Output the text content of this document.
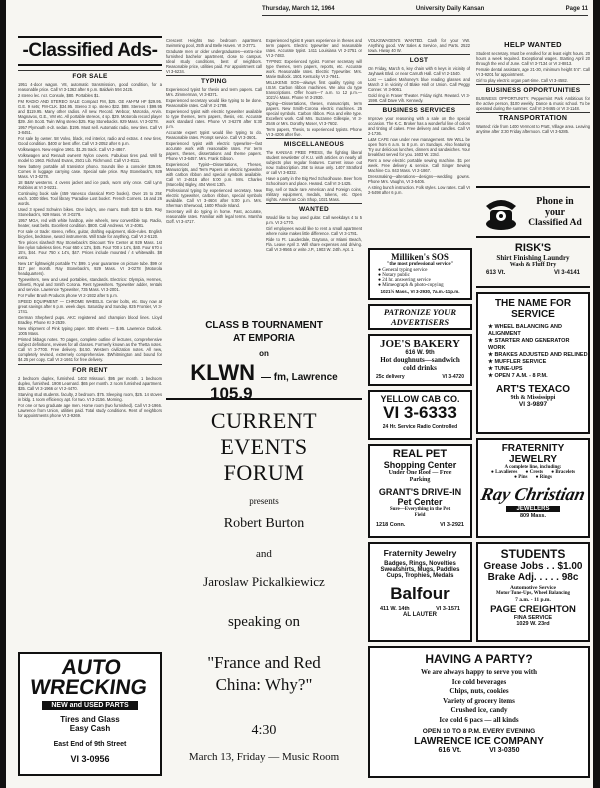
Thursday, March 12, 1964	University Daily Kansan	Page 11
-Classified Ads-
FOR SALE

1951 4-door wagon. V8, automatic transmission, good condition, for a reasonable price. Call VI 3-1362 after 6 p.m. Baldwin 594 2425.

2 stereo lec. ncr. Console, $80. Portables $1.

FM RADIO AND STEREO SALE Compact FM, $25. GE AM-FM HF $29.95. G.E. 9 sets; FM-CLK. $34.95. Stereo 3 sp. stereo $32. $88. Stereos I $99.95 and $119.95. Many other radios. All new. Record. Webcor, Motorola, Arvin. Magnavox, G.E., VM etc. All portable stereos, 4 sp. $29. Motorola record player $39. Jim Scott. Twin Wing stereo $25. Ray Stonebacks. 929 Mass. VI 3-0278.

1957 Plymouth 4-dr. sedan. $195. Must sell. Automatic radio, new tires. Call VI 3-8451.

For sale by owner. 58 Volvo, black, red interior, radio and extras. 4 new tires. Good condition. $400 or best offer. Call VI 3-2052 after 6 p.m.

Volkswagen. New engine 1961. $1.25 track. Call VI 2-4867.

Volkswagen and Renault owners! Nylon covers. Fabulous tires pad. Will fit model to 1963. Richard Evans, 2501 Lib. Richmond. Call VI 2-8111.

New battery portable all transistor phono. Sounds like a console! $39.95. Comes in luggage carrying case. Special sale price. Ray Stoneback's, 929 Mass. VI 3-0278.

18 B&W westerns. 4 ovens jacket and ice pack, worn only once. Call Lynn Robbins at VI 3-9231.

Continuing book sale (459 Vanesco classical RVO books). Over 15 to 25¢ each. 1000 titles. Tool library 'Paradise Lost books'. French Corners. 16 and 26 words.

Used 3 speed Schwinn bikes. One lady's, one man's. Both $20 to $25. Ray Stoneback's, 929 Mass. VI 3-0278.

1957 MGA, red with white hardtop, wire wheels, new convertible top. Radio, heater, seat belts. Excellent condition. $800. Call Andrews. VI 2-4081.

For sale or trade: stereo, reflex, guitar, drafting equipment, slide-rules. English bicycles, bedstove, sword instruments. Will trade for anything. Call VI 2-5120.

Tire prices slashed! Ray Stoneback's Discount Tire Center at 929 Mass. 1st line nylon tubeless tires. Four 650 x 13's, $45. Four 700 x 14's, $40. Four 670 x 15's, $44. Four 750 x 14's, $47. Prices include mounted / 4 whitewalls. $8 extra.

New 16" lightweight portable TV. $99. 1 year guarantee on picture tube. $99 or $17 per month. Ray Stoneback's, 929 Mass. VI 3-0278 (Motorola headquarters).

Typewriters, new and used portables, standards. Electrics: Olympia, Hermes, Olivetti, Royal and Smith Corona. Rent typewriters. Typewriter adder, rentals and service. Lawrence Typewriter, 735 Mass. VI 3-2001.

For Fuller Brush Products phone VI 2-1932 after 5 p.m.

SPEED EQUIPMENT — CHROME WHEELS. Center bolts, etc. Buy now at great savings after 6 p.m. week days. Saturday and Sunday. 825 Frontier, VI 3-1741.

German Shepherd pups. AKC registered and champion blood lines. Lloyd Bradley. Phone KI 3-2539.

New shipment of Pink typing paper. 500 sheets — $.95. Lawrence Outlook. 1005 Mass.

Printed bkbags notes. 70 pages, complete outline of lectures, comprehensive subject definitions, reviews for all classes. Formerly known as the Thetta notes. Call VI 3-7700. Free delivery. $4.50. Western civilization notes. All new, completely revised, extremely comprehensive. $Whitmington and bound for $4.25 per copy. Call VI 2-1661 for free delivery.

FOR RENT

2 bedroom duplex, furnished. 1402 Missouri. $95 per month. 1 bedroom duplex, furnished. 1908 Learnard. $65 per month. 2 room furnished apartment. $35. Call VI 3-1966 or VI 2-4470.

Starving stud students. faculty, 2 bedroom. $75. Sleeping room, $25. 14 stoves in bldg. 1 room efficiency apt. for two. VI 3-2156. Morning.

For one or two graduate age men. Home room (two furnished). Call VI 3-1966. Lawrence from Union, utilities paid. Total study conditions. Rent of neighbors for appointments phone VI 3-9269.

AUTO WRECKING
NEW and USED PARTS
Tires and Glass
Easy Cash
East End of 9th Street
VI 3-0956

Crescent Heights two bedroom apartment. Swimming pool, 25th and Belle Haven. VI 3-3771.

Graduate men or older undergraduates—extra-nice furnished bachelor apartment, close to campus. Ideal study conditions, best of neighbors. Reasonable price, utilities paid. For appointment call VI 3-6234.

TYPING

Experienced typist for thesis and term papers. Call Mrs. Zimmerman, VI 3-8371.

Experienced secretary would like typing to be done. Reasonable rates. Call VI 2-1788.

Experienced typist with electric typewriter available to type themes, term papers, thesis, etc. Accurate work standard rates. Phone VI 3-6278 after 5:30 p.m.

Accurate expert typist would like typing to do. Reasonable rates. Prompt service. Call VI 3-3601.

Experienced typist with electric typewriter—fast accurate work with reasonable rates. For term papers, theses, dissertations and theme papers. Phone VI 3-6457. Mrs. Frank Gibson.

Experienced Typist—Dissertations, Theses, Manuscripts, and Term Papers on electric typewriter with carbon ribbon and special symbols available. Call VI 2-4616 after 5:00 p.m. Mrs. Charles (Marcella) Bigley, 404 West 13th.

Professional typing by experienced secretary. New electric typewriter, carbon ribbon, special symbols available. Call VI 3-4604 after 5:00 p.m. Mrs. Sherman Sherwood, 1600 Rhode Island.

Secretary will do typing in home. Fast, accurate, reasonable rates. Familiar with legal terms. Marsha Goff. VI 3-4717.

Experienced typist 8 years experience in theses and term papers. Electric typewriter and reasonable rates. Accurate typist. 1411 Louisiana VI 2-2751 or VI 2-7483.

TYPING: Experienced typist. Former secretary will type themes, term papers, reports, etc. Accurate work. Reasonable rates. Electric Typewriter. Mrs. Marie Bullock. 1501 Kentucky VI 2-7941.

MILLIKENS SOS—always first quality typing on I.B.M. Carbon ribbon machines. We also do type transcriptions. Offer hours—7 a.m. to 12 p.m.—1021½ Mass. Phone VI 3-2930.

Typing—Dissertations, theses, manuscripts, term papers. New Smith-Corona electric machines. 25 special symbols. Carbon ribbon. Pica and elite type. Excellent work. Call Mrs. Suzanne Gillespie, VI 3-2546 or Mrs. Dorothy Moser, VI 3-7602.

Term papers, Thesis, to experienced typists. Phone VI 3-4206 after five.

MISCELLANEOUS

The KANSAS FREE PRESS, the fighting liberal student newsletter of K.U. with articles on nearly all subjects plus regular features. Current issue out now. Subscription. 25¢ to issue only. 1407 Stratford or call VI 3-8332.

Have a party in the Big Red Schoolhouse. Beer from Schoolroom and place. Heated. Call VI 3-1425.

Buy, sell or trade rare American and Foreign coins, military equipment, medals, tokens, etc. Open nights. American Coin Shop, 1021 Mass.

WANTED

Would like to buy used guitar. Call weekdays 4 to 5 p.m. VI 2-1770.

Girl employees would like to rent a small apartment where noise makes little difference. Call VI 3-1781.

Ride to Ft. Lauderdale, Daytona, or Miami Beach, Fla. Leave April 3. Will share expenses and driving. Call VI 3-9565 or write J.P., 1903 W. 24th. Apt. 1.

CLASS B TOURNAMENT
AT EMPORIA
on
KLWN — fm, Lawrence
105.9
CURRENT EVENTS
FORUM
presents
Robert Burton
and
Jaroslaw Pickalkiewicz
speaking on
"France and Red
China: Why?"
4:30
March 13, Friday — Music Room

VOLKSWAGEN'S WANTED. Cash for your VW. Anything good. VW Sales & Service, and Parts. 2522 Iowa. Hiway 40 W.

LOST

On Friday, March 6, key chain with 6 keys in vicinity of Jayhawk Blvd. or near Carruth Hall. Call VI 2-1540.

Lost — Ladies Mahoney's blue reading glasses and March 2 in vicinity of Blake Hall or Union. Call Peggy Conner. VI 3-9061.

Gold ring in Fraser Theater. Friday night. Reward. VI 3-1598. Call Dave Vih. Kennedy.

BUSINESS SERVICES

Improve your reasoning with a sale on the special occasion. The K.C. Broker has a wonderful line of colors and tinting of cakes. Free delivery and candles. Call VI 2-1736.

L&M CAFE now under new management. We WILL be open from 6 a.m. to 8 p.m. on Sundays. Also featuring Try our delicious lunches, dinners and sandwiches. Your breakfast served for you. 1603 W. 23rd.

Rent a new electric portable sewing machine. $1 per week. Free delivery & service. Call Singer Sewing Machine Co. 843 Mass. VI 2-1867.

Dressmaking—alterations—designs—wedding gowns. Phone Mrs. Vaughn, VI 3-5406.

A string bunch instruction. Folk styles. Low rates. Call VI 2-5498 after 6 p.m.

Milliken's SOS
"the most professional service"
● General typing service
● Notary public
● 24 hr. answering service
● Mimeograph & photo-copying
1021½ Mass., VI 3-2930, 7a.m.-11p.m.
PATRONIZE YOUR ADVERTISERS
JOE'S BAKERY
616 W. 9th
Hot doughnuts—sandwich cold drinks
25c delivery	VI 3-4720
YELLOW CAB CO.
VI 3-6333
24 Hr. Service Radio Controlled
REAL PET
Shopping Center
Under One Roof — Free Parking
GRANT'S DRIVE-IN
Pet Center
Sure—Everything in the Pet Field
1218 Conn.	VI 3-2921
Fraternity Jewelry
Badges, Rings, Novelties
Sweatshirts, Mugs, Paddles
Cups, Trophies, Medals
Balfour
411 W. 14th	VI 3-1571
AL LAUTER
HELP WANTED

Student secretary. Must be enrolled for at least eight hours. 20 hours a week required. Exceptional wages. Starting April 20 through the end of June. Call VI 3-7134 or VI 2-8813.

Female dental assistant, age 21-30, minimum height 5'4". Call VI 3-9201 for appointment.

Girl to play electric organ part-time. Call VI 3-4582.

BUSINESS OPPORTUNITIES

BUSINESS OPPORTUNITY. Peppermint Park Ambitious for the active person, $100 weekly. Dance & music school. To be operated during the summer. Call VI 3-9465 or VI 3-1148.

TRANSPORTATION

Wanted: ride from 1400 Vermont to Pratt, Village area. Leaving anytime after 3:30 Friday afternoon. Call VI 3-5285.

Phone in
your
Classified Ad
RISK'S
Shirt Finishing Laundry
Wash & Fluff Dry
613 Vt.	VI 3-4141
THE NAME FOR
SERVICE
★ WHEEL BALANCING AND ALIGNMENT
★ STARTER AND GENERATOR WORK
★ BRAKES ADJUSTED AND RELINED
★ MUFFLER SERVICE
★ TUNE-UPS
★ OPEN 7 A.M. - 8 P.M.
ART'S TEXACO
9th & Mississippi
VI 3-9897
FRATERNITY
JEWELRY
A complete line, including:
● Lavalieres ● Crests ● Bracelets
● Pins ● Rings
Ray Christian
JEWELERS
809 Mass.
STUDENTS
Grease Jobs . . $1.00
Brake Adj. . . . . 98c
Automotive Service
Motor Tune-Ups, Wheel Balancing
7 a.m. - 11 p.m.
PAGE CREIGHTON
FINA SERVICE
1029 W. 23rd
HAVING A PARTY?
We are always happy to serve you with
Ice cold beverages
Chips, nuts, cookies
Variety of grocery items
Crushed ice, candy
Ice cold 6 pacs — all kinds
OPEN 10 TO 8 P.M. EVERY EVENING
LAWRENCE ICE COMPANY
616 Vt.	VI 3-0350
